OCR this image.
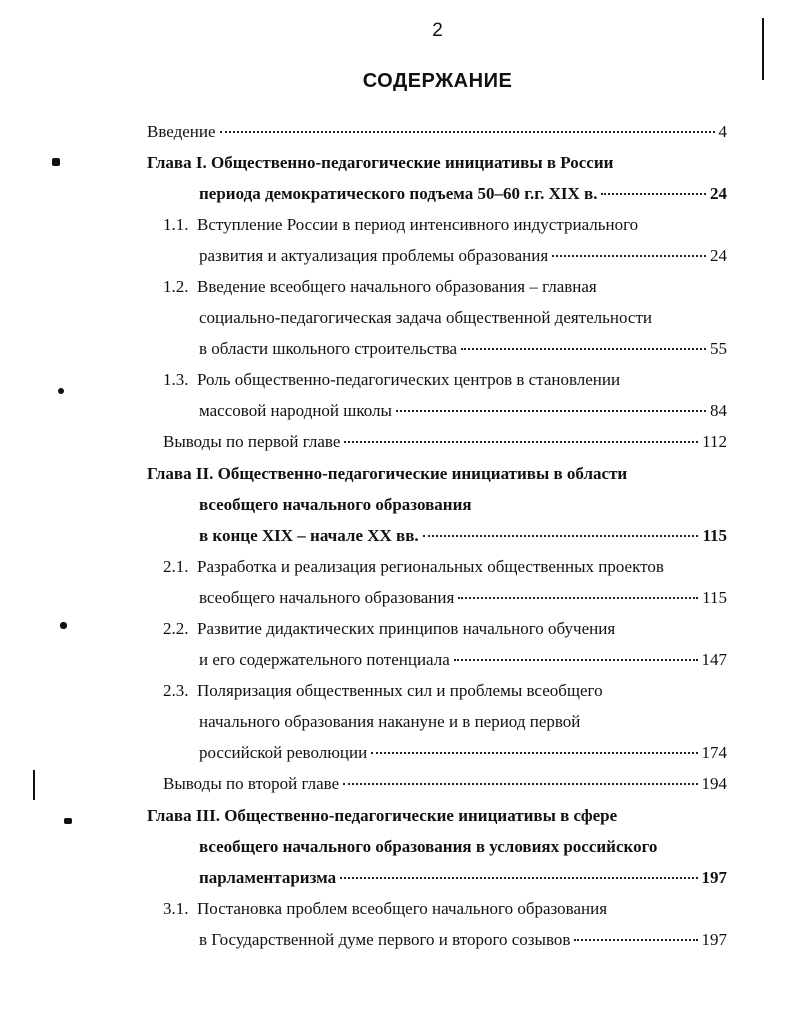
2
СОДЕРЖАНИЕ
Введение	4
Глава I. Общественно-педагогические инициативы в России
периода демократического подъема 50–60 г.г. XIX в.	24
1.1. Вступление России в период интенсивного индустриального
развития и актуализация проблемы образования	24
1.2. Введение всеобщего начального образования – главная
социально-педагогическая задача общественной деятельности
в области школьного строительства	55
1.3. Роль общественно-педагогических центров в становлении
массовой народной школы	84
Выводы по первой главе	112
Глава II. Общественно-педагогические инициативы в области
всеобщего начального образования
в конце XIX – начале XX вв.	115
2.1. Разработка и реализация региональных общественных проектов
всеобщего начального образования	115
2.2. Развитие дидактических принципов начального обучения
и его содержательного потенциала	147
2.3. Поляризация общественных сил и проблемы всеобщего
начального образования накануне и в период первой
российской революции	174
Выводы по второй главе	194
Глава III. Общественно-педагогические инициативы в сфере
всеобщего начального образования в условиях российского
парламентаризма	197
3.1. Постановка проблем всеобщего начального образования
в Государственной думе первого и второго созывов	197
